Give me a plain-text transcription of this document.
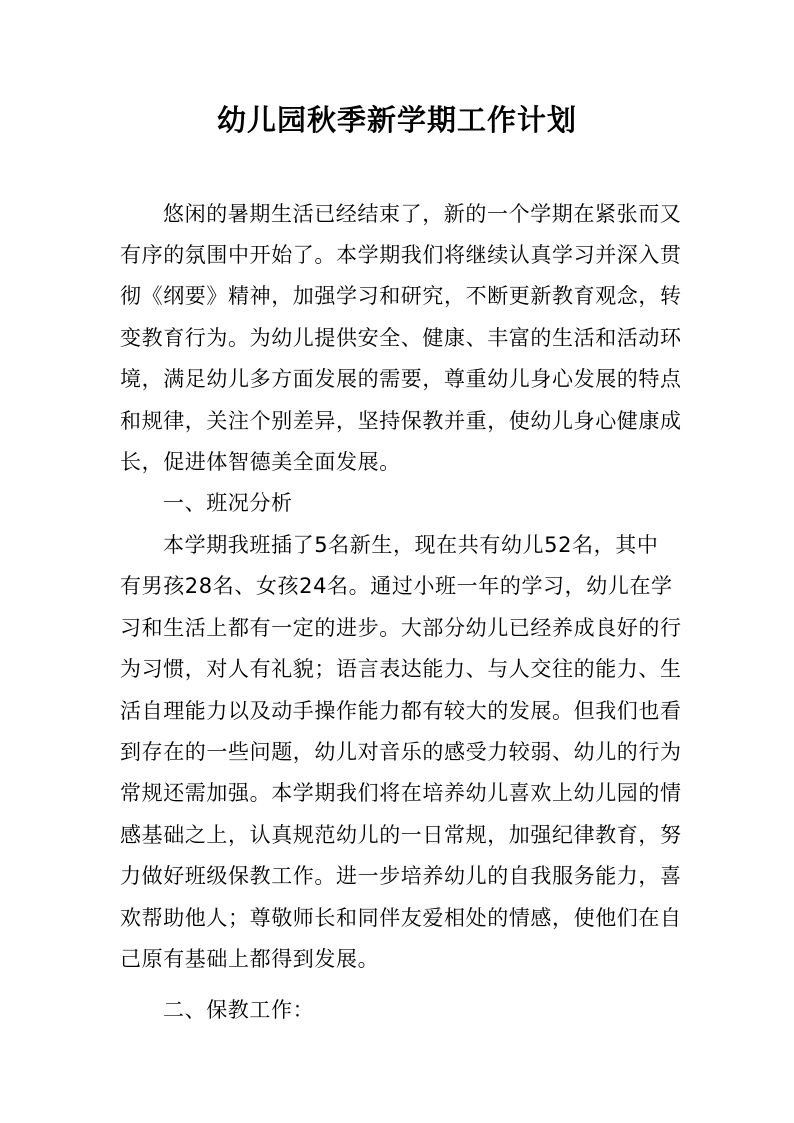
幼儿园秋季新学期工作计划
悠闲的暑期生活已经结束了，新的一个学期在紧张而又
有序的氛围中开始了。本学期我们将继续认真学习并深入贯
彻《纲要》精神，加强学习和研究，不断更新教育观念，转
变教育行为。为幼儿提供安全、健康、丰富的生活和活动环
境，满足幼儿多方面发展的需要，尊重幼儿身心发展的特点
和规律，关注个别差异，坚持保教并重，使幼儿身心健康成
长，促进体智德美全面发展。
一、班况分析
本学期我班插了5名新生，现在共有幼儿52名，其中
有男孩28名、女孩24名。通过小班一年的学习，幼儿在学
习和生活上都有一定的进步。大部分幼儿已经养成良好的行
为习惯，对人有礼貌；语言表达能力、与人交往的能力、生
活自理能力以及动手操作能力都有较大的发展。但我们也看
到存在的一些问题，幼儿对音乐的感受力较弱、幼儿的行为
常规还需加强。本学期我们将在培养幼儿喜欢上幼儿园的情
感基础之上，认真规范幼儿的一日常规，加强纪律教育，努
力做好班级保教工作。进一步培养幼儿的自我服务能力，喜
欢帮助他人；尊敬师长和同伴友爱相处的情感，使他们在自
己原有基础上都得到发展。
二、保教工作：
